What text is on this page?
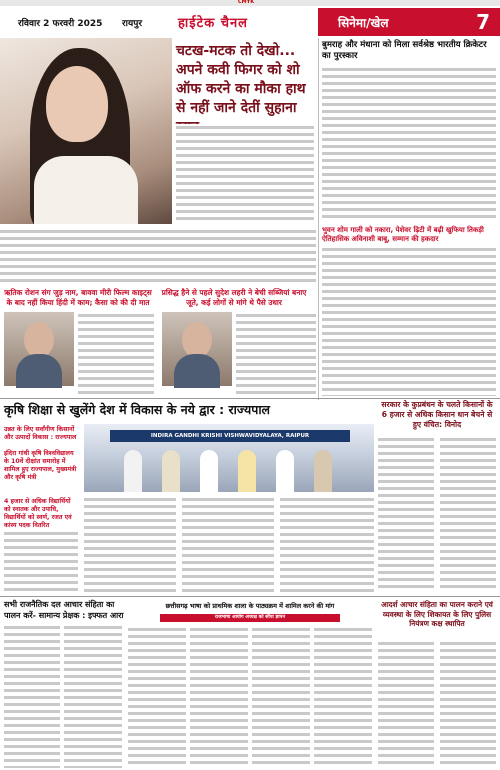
CMYK
रविवार 2 फरवरी 2025 रायपुर	हाईटेक चैनल	सिनेमा/खेल	7
चटख-मटक तो देखो... अपने कवी फिगर को शो ऑफ करने का मौका हाथ से नहीं जाने देतीं सुहाना
बुमराह और मंधाना को मिला सर्वश्रेष्ठ भारतीय क्रिकेटर का पुरस्कार
भुवन शोम गाली को नकारा, पेशेवर ढ़िटी में बढ़ी खुफिया तिकड़ी ऐतिहासिक अविनाशी बाबू, सम्मान की हकदार
ऋतिक रोशन संग जुड़ नाम, बाववा मीरी फिल्म काइट्स के बाद नहीं किया हिंदी में काम; कैसा को की दी मात
प्रसिद्ध हैने से पहले सुदेश लहरी ने बेची सब्जियां बनाए जूते, कई लोगों से मांगे थे पैसे उधार
कृषि शिक्षा से खुलेंगे देश में विकास के नये द्वार : राज्यपाल
उन्नत के लिए सर्वांगीण किसानों और उत्पादों विकास : राज्यपाल
इंदिरा गांधी कृषि विश्वविद्यालय के 10वें दीक्षांत समारोह में शामिल हुए राज्यपाल, मुख्यमंत्री और कृषि मंत्री
4 हजार से अधिक विद्यार्थियों को स्नातक और उपाधि, विद्यार्थियों को स्वर्ण, रजत एवं कांस्य पदक वितरित
INDIRA GANDHI KRISHI VISHWAVIDYALAYA, RAIPUR
सरकार के कुप्रबंधन के चलते किसानों के 6 हजार से अधिक किसान धान बेचने से हुए वंचित: विनोद
सभी राजनैतिक दल आचार संहिता का पालन करें- सामान्य प्रेक्षक : इफ्फत आरा
छत्तीसगढ़ भाषा को प्राथमिक शाला के पाठ्यक्रम में शामिल करने की मांग
राजभाषा आयोग अध्यक्ष को सौंपा ज्ञापन
आदर्श आचार संहिता का पालन कराने एवं व्यवस्था के लिए शिकायत के लिए पुलिस नियंत्रण कक्ष स्थापित
